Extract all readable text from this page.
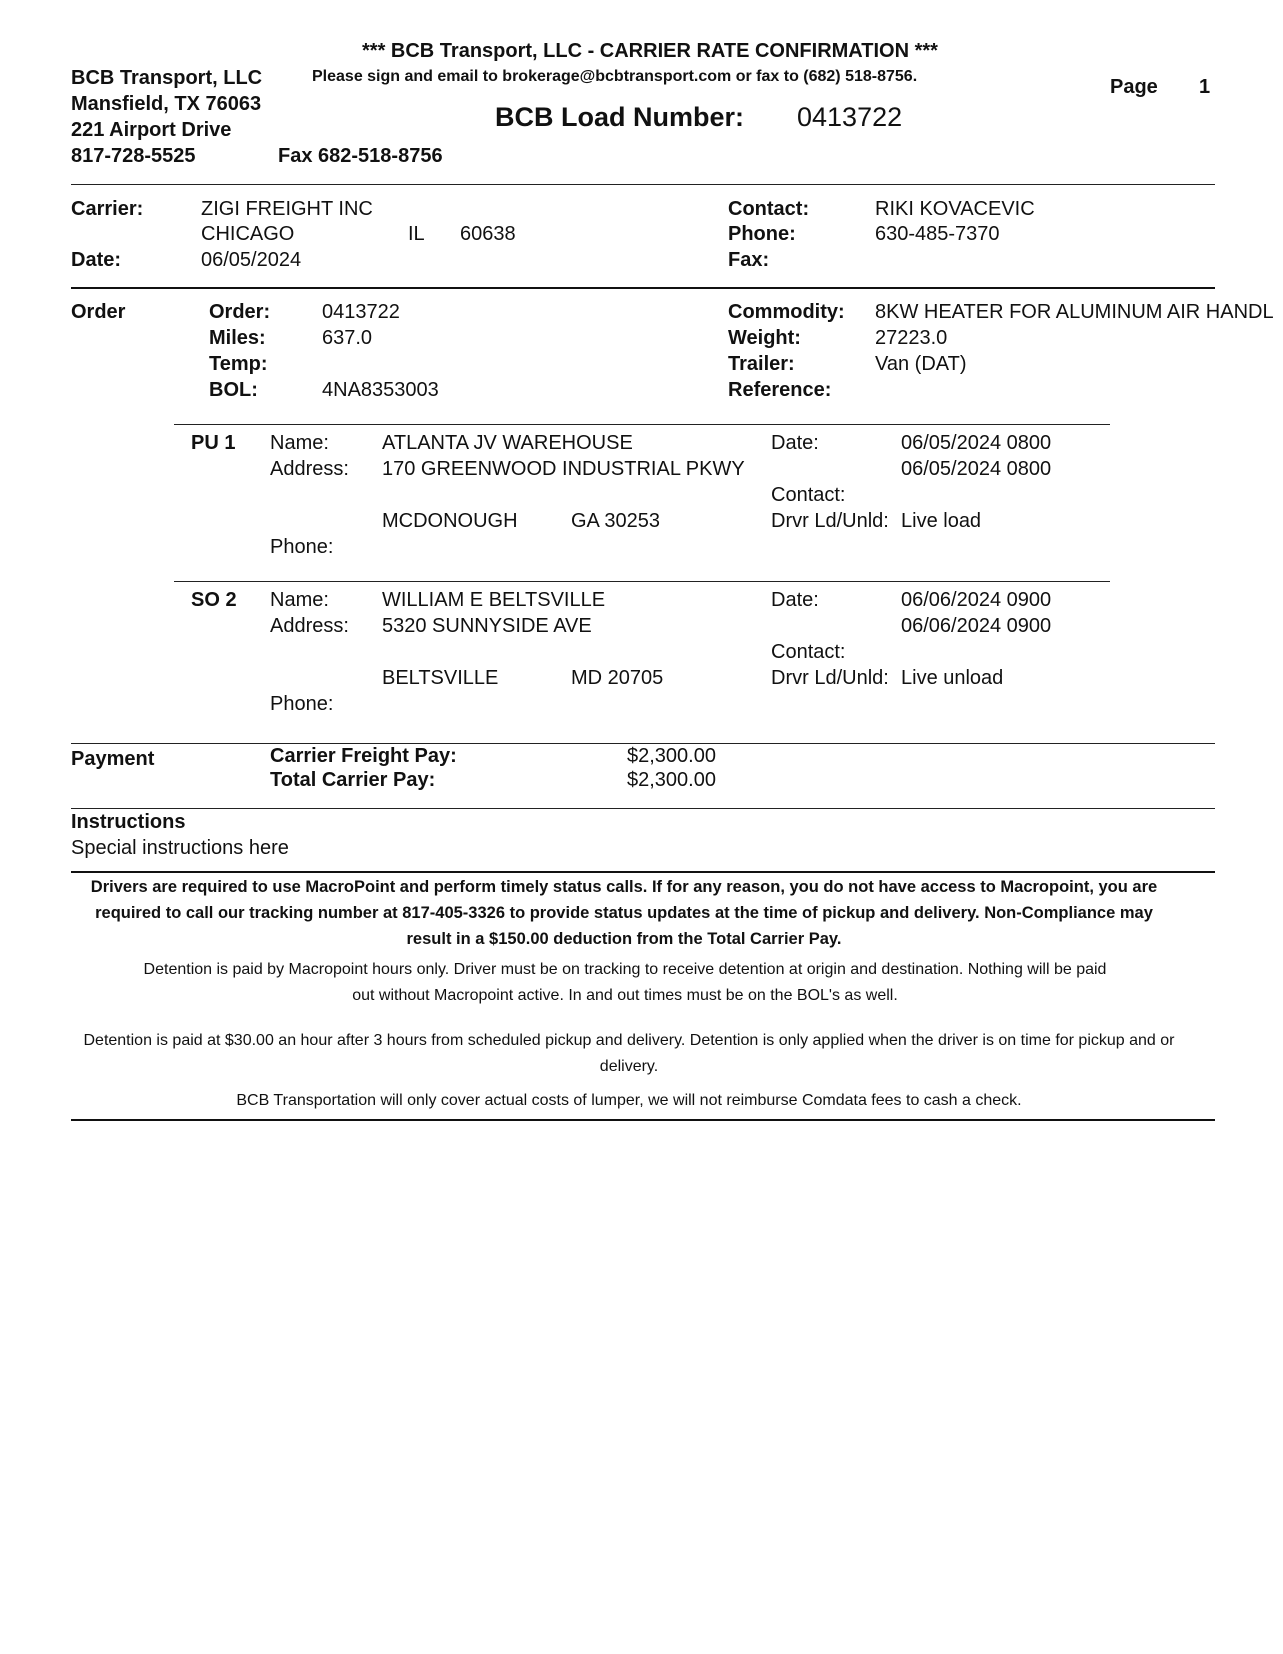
*** BCB Transport, LLC - CARRIER RATE CONFIRMATION ***
Please sign and email to brokerage@bcbtransport.com or fax to (682) 518-8756.
BCB Transport, LLC
Mansfield, TX 76063
221 Airport Drive
817-728-5525	Fax 682-518-8756
BCB Load Number: 0413722
Page 1
Carrier:	ZIGI FREIGHT INC
CHICAGO	IL 60638
Date:	06/05/2024
Contact:	RIKI KOVACEVIC
Phone:	630-485-7370
Fax:
Order	Order:	0413722
Miles:	637.0
Temp:
BOL:	4NA8353003
Commodity: 8KW HEATER FOR ALUMINUM AIR HANDL
Weight:	27223.0
Trailer:	Van (DAT)
Reference:
PU 1 Name:	ATLANTA JV WAREHOUSE
Address: 170 GREENWOOD INDUSTRIAL PKWY
MCDONOUGH	GA 30253
Phone:
Date:	06/05/2024 0800
06/05/2024 0800
Contact:
Drvr Ld/Unld: Live load
SO 2 Name:	WILLIAM E BELTSVILLE
Address: 5320 SUNNYSIDE AVE
BELTSVILLE	MD 20705
Phone:
Date:	06/06/2024 0900
06/06/2024 0900
Contact:
Drvr Ld/Unld: Live unload
Payment	Carrier Freight Pay:	$2,300.00
Total Carrier Pay:	$2,300.00
Instructions
Special instructions here
Drivers are required to use MacroPoint and perform timely status calls. If for any reason, you do not have access to Macropoint, you are required to call our tracking number at 817-405-3326 to provide status updates at the time of pickup and delivery. Non-Compliance may result in a $150.00 deduction from the Total Carrier Pay.
Detention is paid by Macropoint hours only. Driver must be on tracking to receive detention at origin and destination. Nothing will be paid out without Macropoint active. In and out times must be on the BOL's as well.
Detention is paid at $30.00 an hour after 3 hours from scheduled pickup and delivery. Detention is only applied when the driver is on time for pickup and or delivery.
BCB Transportation will only cover actual costs of lumper, we will not reimburse Comdata fees to cash a check.
